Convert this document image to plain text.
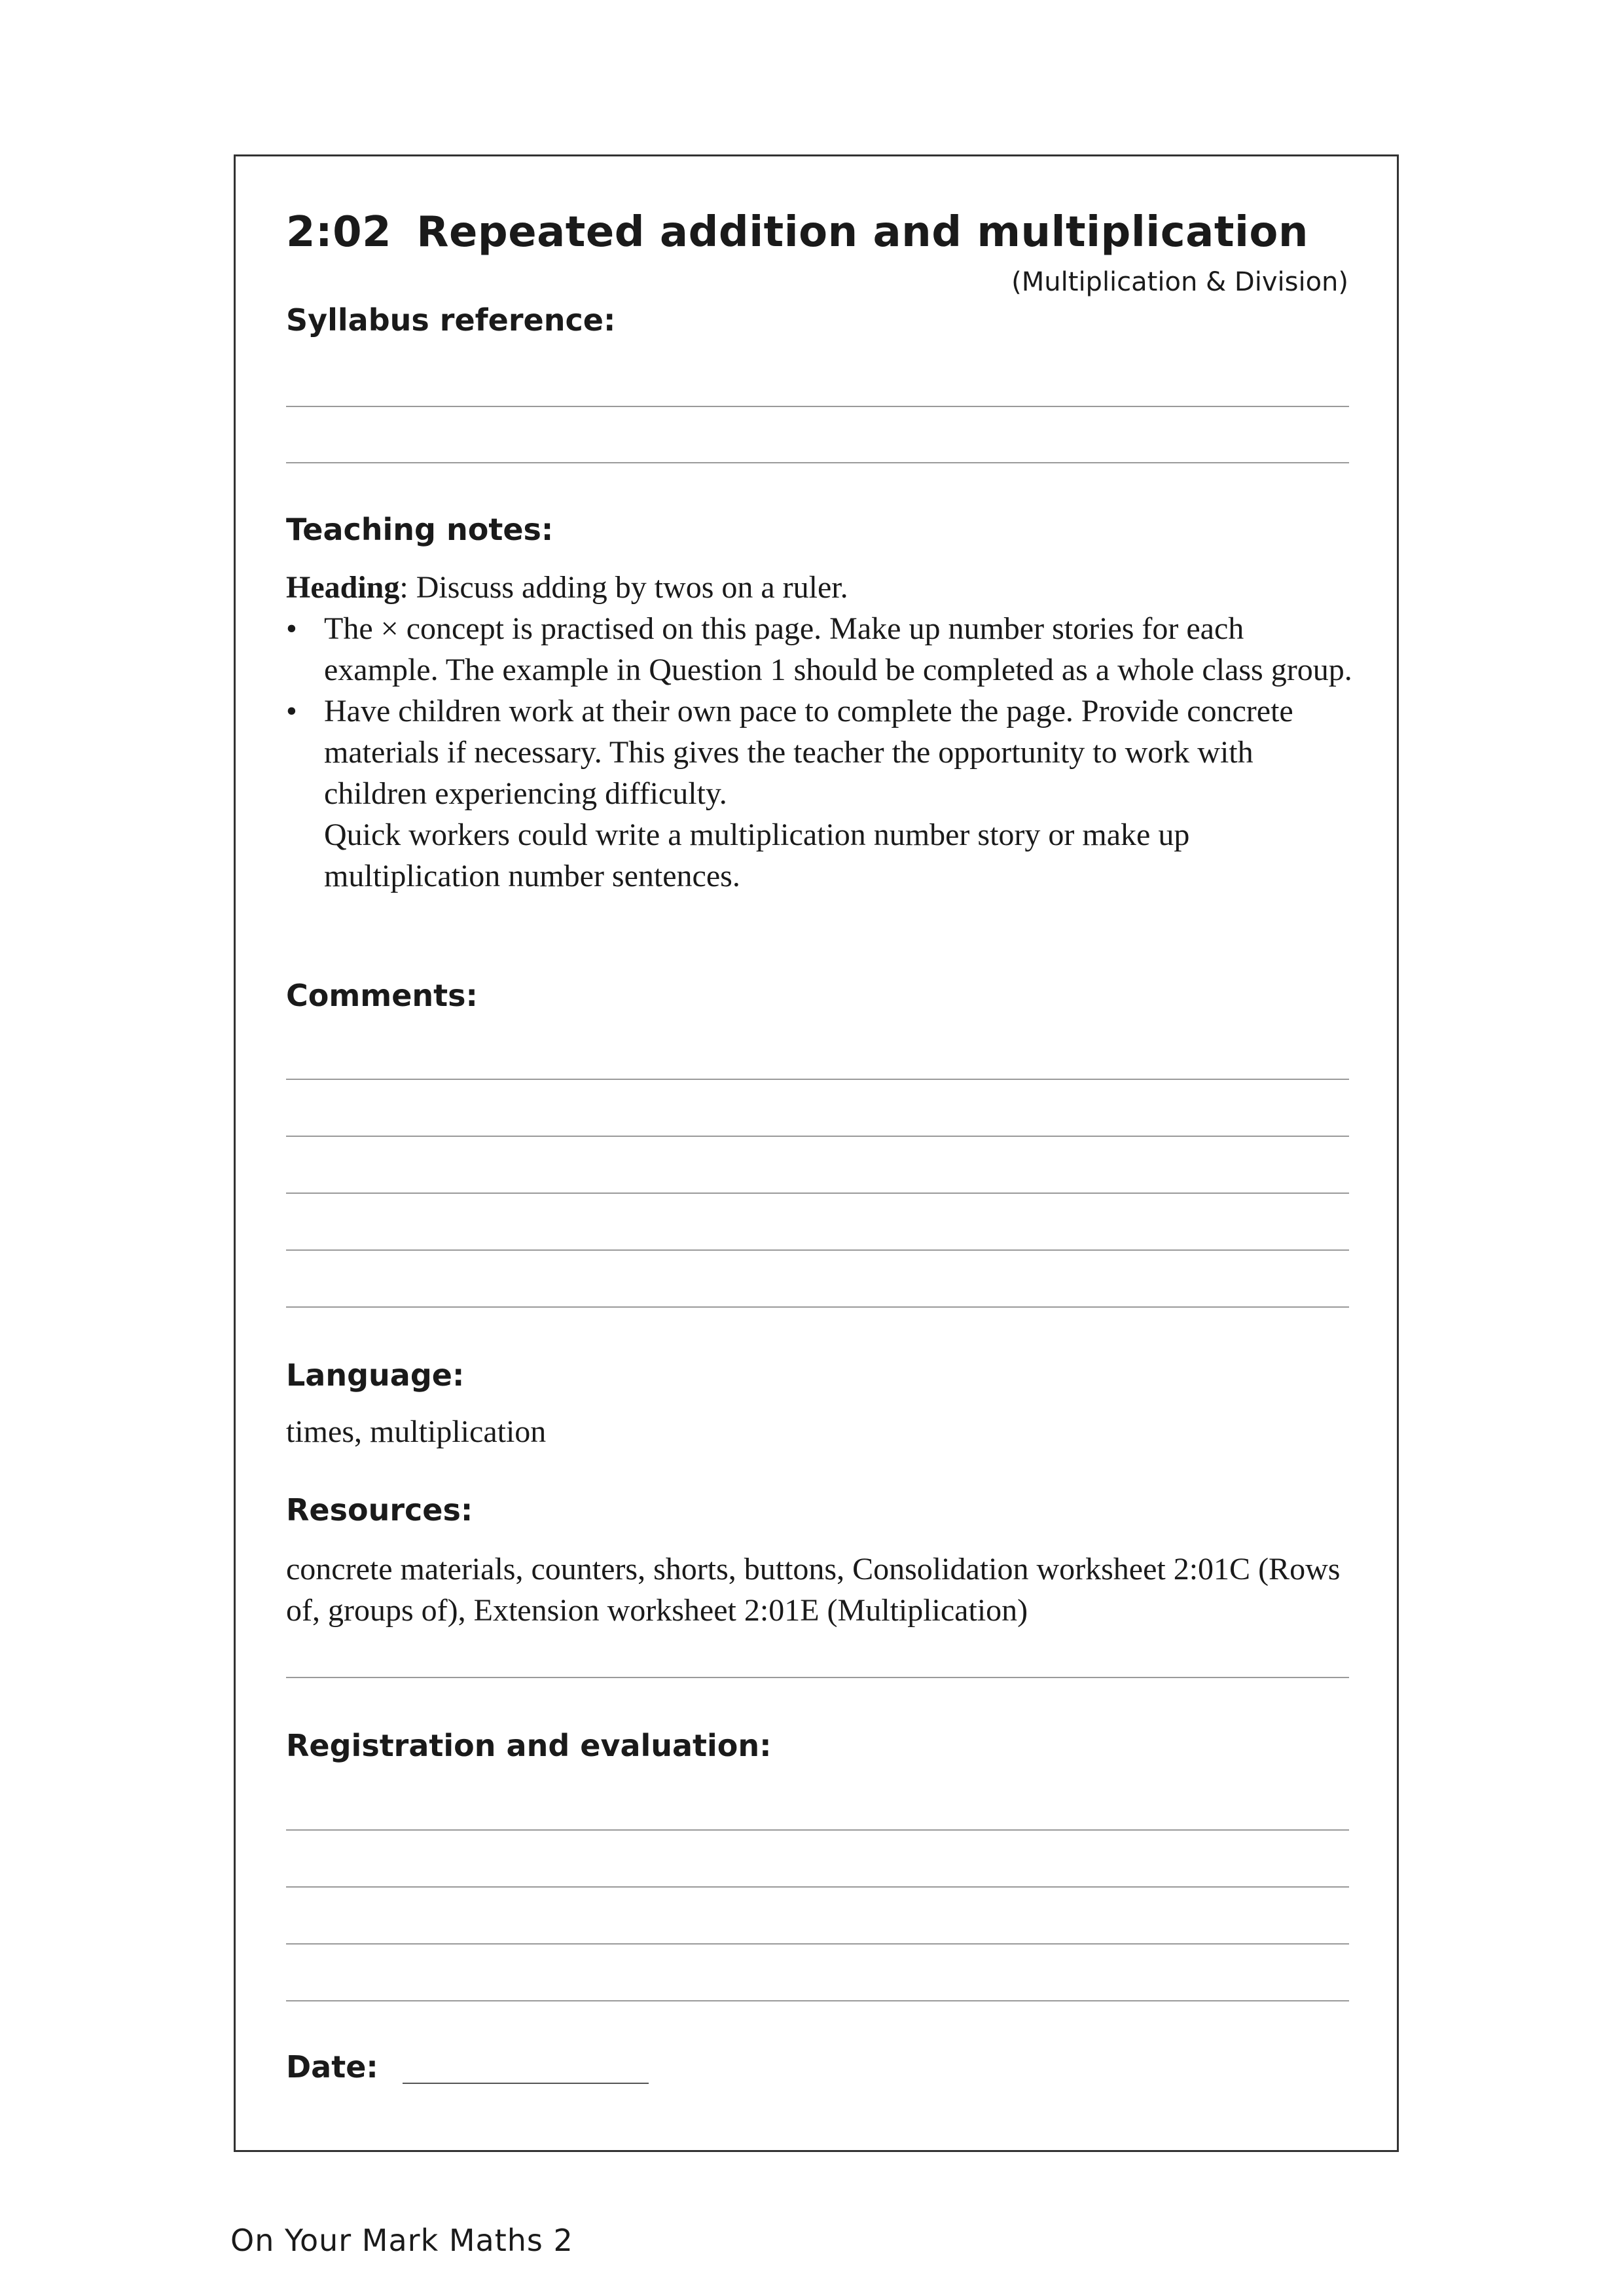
2:02 Repeated addition and multiplication
(Multiplication & Division)
Syllabus reference:
Teaching notes:

Heading: Discuss adding by twos on a ruler.

• The × concept is practised on this page. Make up number stories for each example. The example in Question 1 should be completed as a whole class group.
• Have children work at their own pace to complete the page. Provide concrete materials if necessary. This gives the teacher the opportunity to work with children experiencing difficulty.
Quick workers could write a multiplication number story or make up multiplication number sentences.
Comments:
Language:
times, multiplication
Resources:
concrete materials, counters, shorts, buttons, Consolidation worksheet 2:01C (Rows of, groups of), Extension worksheet 2:01E (Multiplication)
Registration and evaluation:
Date:
On Your Mark Maths 2
